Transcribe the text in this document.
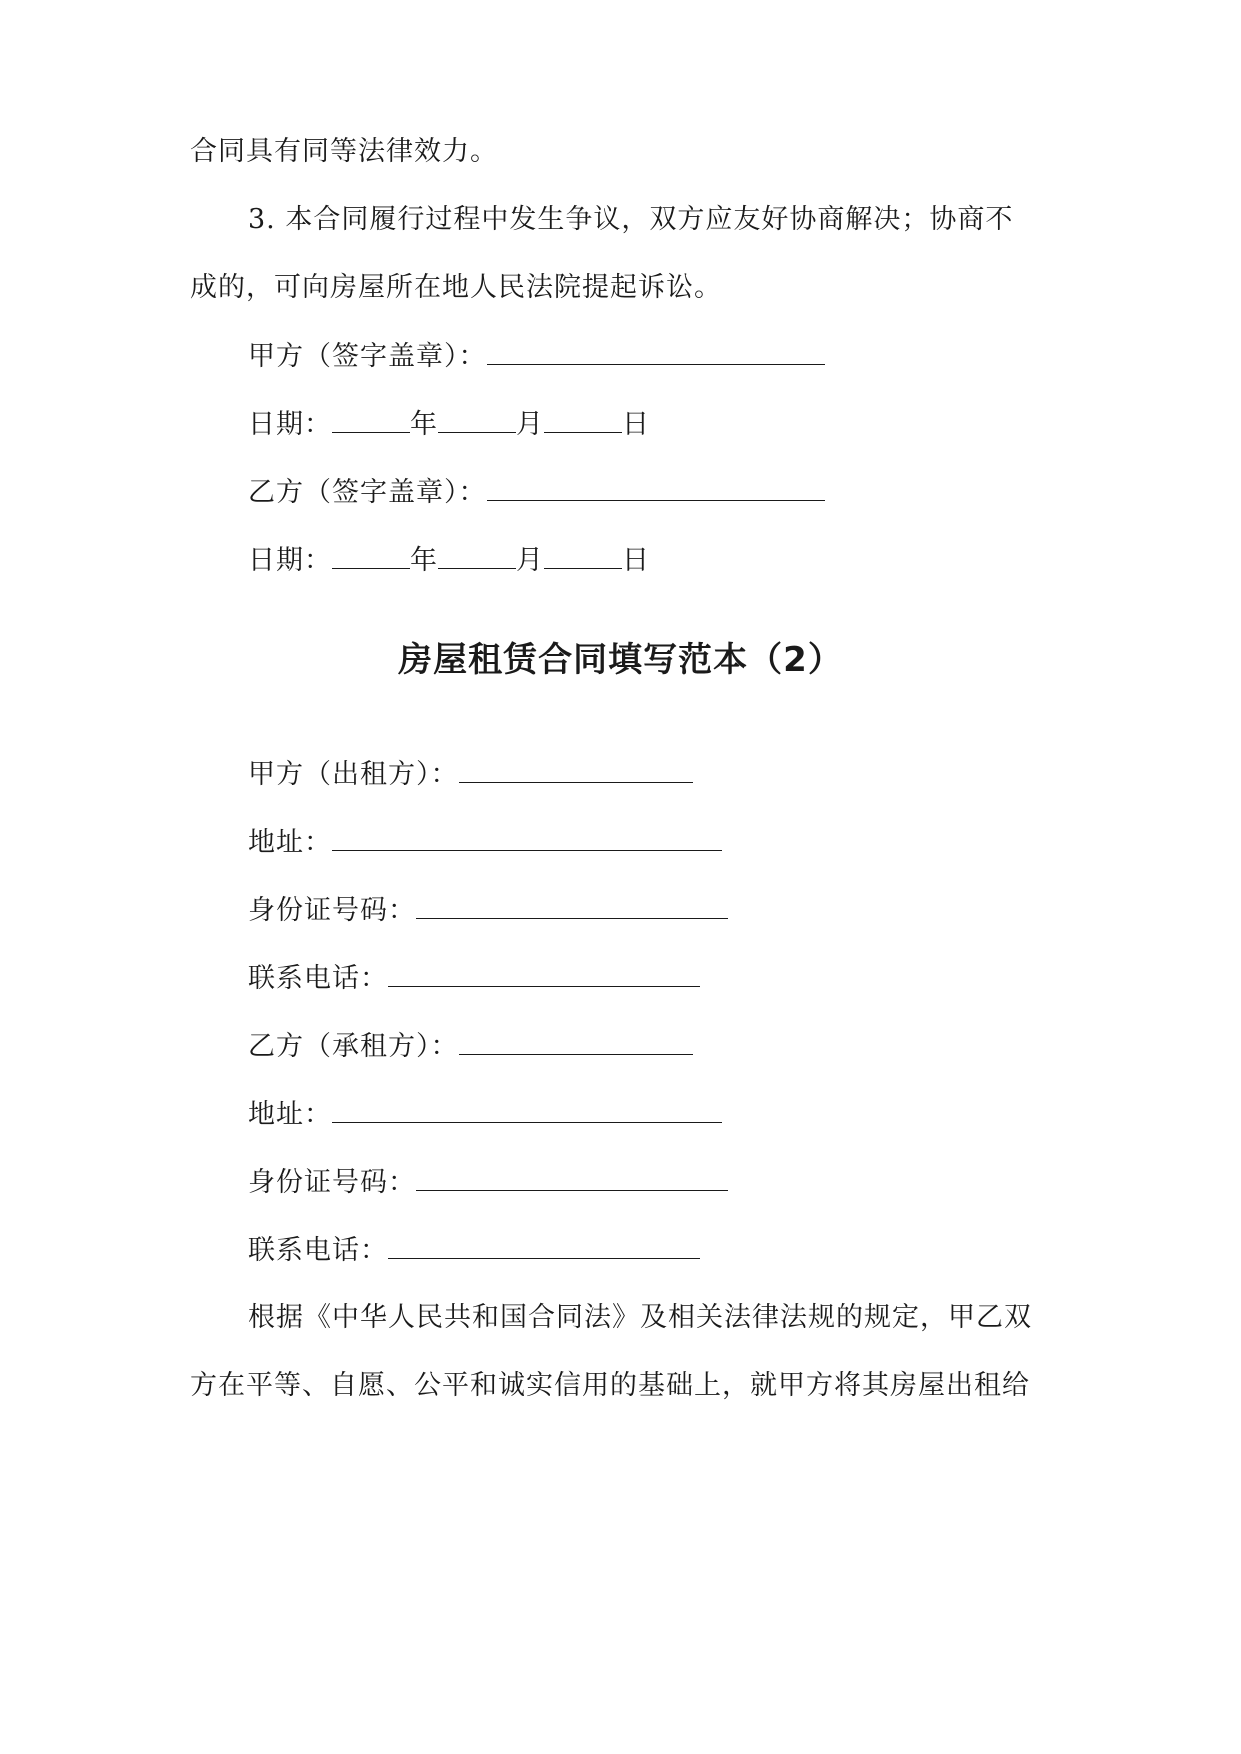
合同具有同等法律效力。
3. 本合同履行过程中发生争议，双方应友好协商解决；协商不
成的，可向房屋所在地人民法院提起诉讼。
甲方（签字盖章）：
日期：	年	月	日
乙方（签字盖章）：
日期：	年	月	日
房屋租赁合同填写范本（2）
甲方（出租方）：
地址：
身份证号码：
联系电话：
乙方（承租方）：
地址：
身份证号码：
联系电话：
根据《中华人民共和国合同法》及相关法律法规的规定，甲乙双
方在平等、自愿、公平和诚实信用的基础上，就甲方将其房屋出租给
